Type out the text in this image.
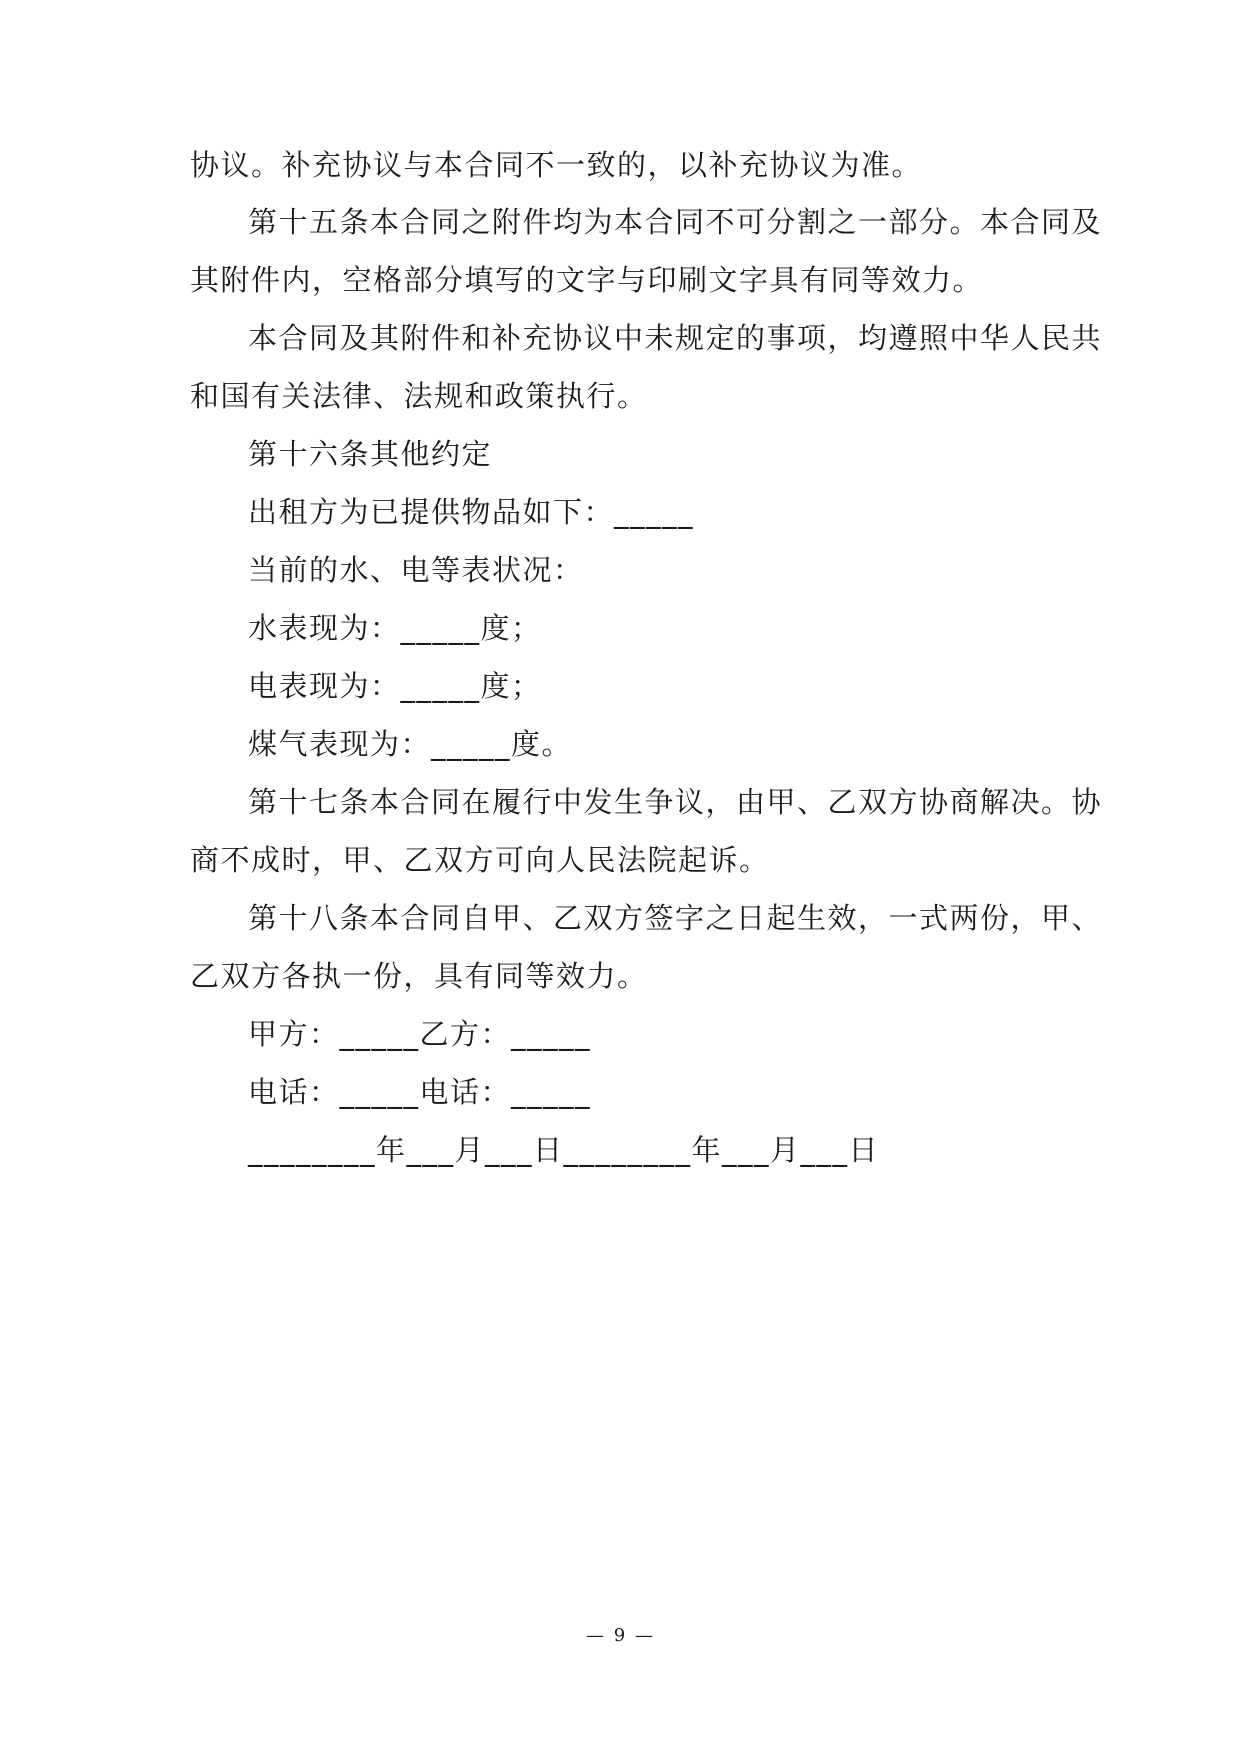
协议。补充协议与本合同不一致的，以补充协议为准。
第十五条本合同之附件均为本合同不可分割之一部分。本合同及
其附件内，空格部分填写的文字与印刷文字具有同等效力。
本合同及其附件和补充协议中未规定的事项，均遵照中华人民共
和国有关法律、法规和政策执行。
第十六条其他约定
出租方为已提供物品如下：_____
当前的水、电等表状况：
水表现为：_____度；
电表现为：_____度；
煤气表现为：_____度。
第十七条本合同在履行中发生争议，由甲、乙双方协商解决。协
商不成时，甲、乙双方可向人民法院起诉。
第十八条本合同自甲、乙双方签字之日起生效，一式两份，甲、
乙双方各执一份，具有同等效力。
甲方：_____乙方：_____
电话：_____电话：_____
________年___月___日________年___月___日
— 9 —
